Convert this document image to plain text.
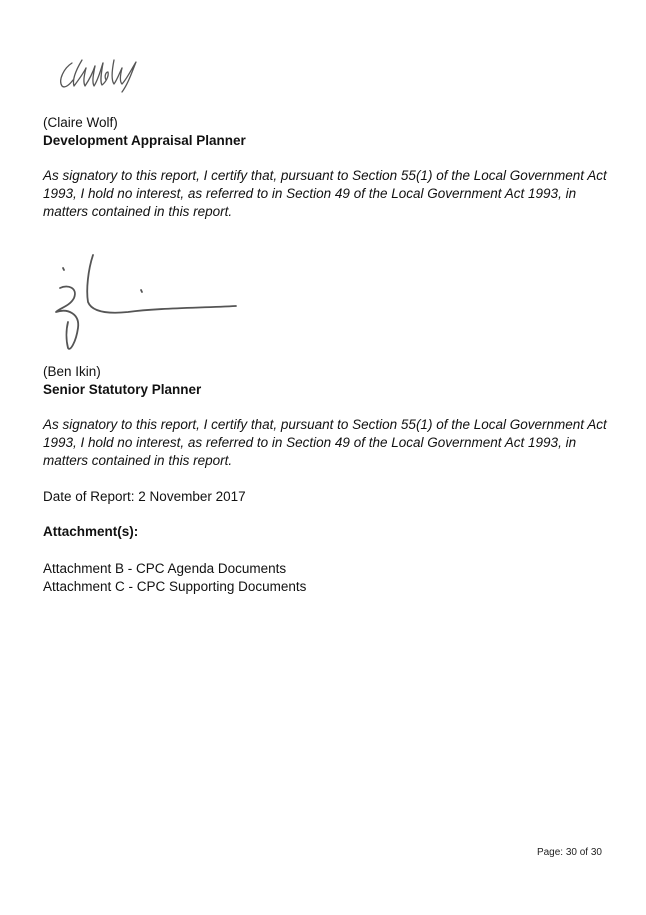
(Claire Wolf)
Development Appraisal Planner
As signatory to this report, I certify that, pursuant to Section 55(1) of the Local Government Act 1993, I hold no interest, as referred to in Section 49 of the Local Government Act 1993, in matters contained in this report.
(Ben Ikin)
Senior Statutory Planner
As signatory to this report, I certify that, pursuant to Section 55(1) of the Local Government Act 1993, I hold no interest, as referred to in Section 49 of the Local Government Act 1993, in matters contained in this report.
Date of Report: 2 November 2017
Attachment(s):
Attachment B - CPC Agenda Documents
Attachment C - CPC Supporting Documents
Page: 30 of 30
